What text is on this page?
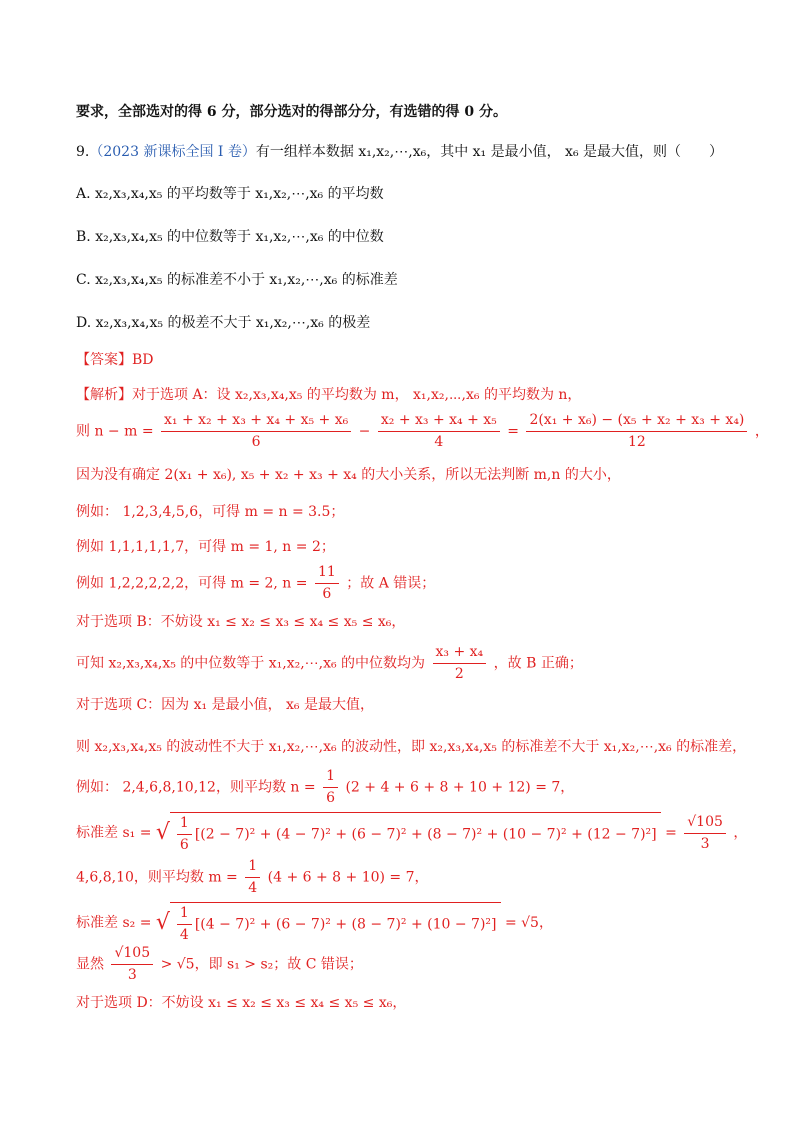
要求，全部选对的得 6 分，部分选对的得部分分，有选错的得 0 分。
9.（2023 新课标全国 I 卷）有一组样本数据 x₁,x₂,⋯,x₆，其中 x₁ 是最小值， x₆ 是最大值，则（　　）
A. x₂,x₃,x₄,x₅ 的平均数等于 x₁,x₂,⋯,x₆ 的平均数
B. x₂,x₃,x₄,x₅ 的中位数等于 x₁,x₂,⋯,x₆ 的中位数
C. x₂,x₃,x₄,x₅ 的标准差不小于 x₁,x₂,⋯,x₆ 的标准差
D. x₂,x₃,x₄,x₅ 的极差不大于 x₁,x₂,⋯,x₆ 的极差
【答案】BD
【解析】对于选项 A：设 x₂,x₃,x₄,x₅ 的平均数为 m， x₁,x₂,⋯,x₆ 的平均数为 n，
则 $n - m = \frac{\text{x₁ + x₂ + x₃ + x₄ + x₅ + x₆}}{6} - \frac{\text{x₂ + x₃ + x₄ + x₅}}{4} = \frac{\text{2(x₁ + x₆) − (x₅ + x₂ + x₃ + x₄)}}{12}$ ，
因为没有确定 2(x₁ + x₆), x₅ + x₂ + x₃ + x₄ 的大小关系，所以无法判断 m,n 的大小，
例如： 1,2,3,4,5,6，可得 m = n = 3.5；
例如 1,1,1,1,1,7，可得 m = 1, n = 2；
例如 1,2,2,2,2,2，可得 m = 2, $n = \frac{11}{6}$ ；故 A 错误；
对于选项 B：不妨设 x₁ ≤ x₂ ≤ x₃ ≤ x₄ ≤ x₅ ≤ x₆，
可知 x₂,x₃,x₄,x₅ 的中位数等于 x₁,x₂,⋯,x₆ 的中位数均为 $\frac{\text{x₃ + x₄}}{2}$ ，故 B 正确；
对于选项 C：因为 x₁ 是最小值， x₆ 是最大值，
则 x₂,x₃,x₄,x₅ 的波动性不大于 x₁,x₂,⋯,x₆ 的波动性，即 x₂,x₃,x₄,x₅ 的标准差不大于 x₁,x₂,⋯,x₆ 的标准差，
例如： 2,4,6,8,10,12，则平均数 $n = \frac{1}{6} (2 + 4 + 6 + 8 + 10 + 12) = 7$，
标准差 s₁ = √ $\frac{1}{6} [(2 - 7)^2 + (4 - 7)^2 + (6 - 7)^2 + (8 - 7)^2 + (10 - 7)^2 + (12 - 7)^2] = \frac{√105}{3}$ ，
4,6,8,10，则平均数 $m = \frac{1}{4} (4 + 6 + 8 + 10) = 7$，
标准差 s₂ = √ $\frac{1}{4} [(4 - 7)^2 + (6 - 7)^2 + (8 - 7)^2 + (10 - 7)^2] = √5$，
显然 $\frac{√105}{3} > √5$，即 s₁ > s₂；故 C 错误；
对于选项 D：不妨设 x₁ ≤ x₂ ≤ x₃ ≤ x₄ ≤ x₅ ≤ x₆，
